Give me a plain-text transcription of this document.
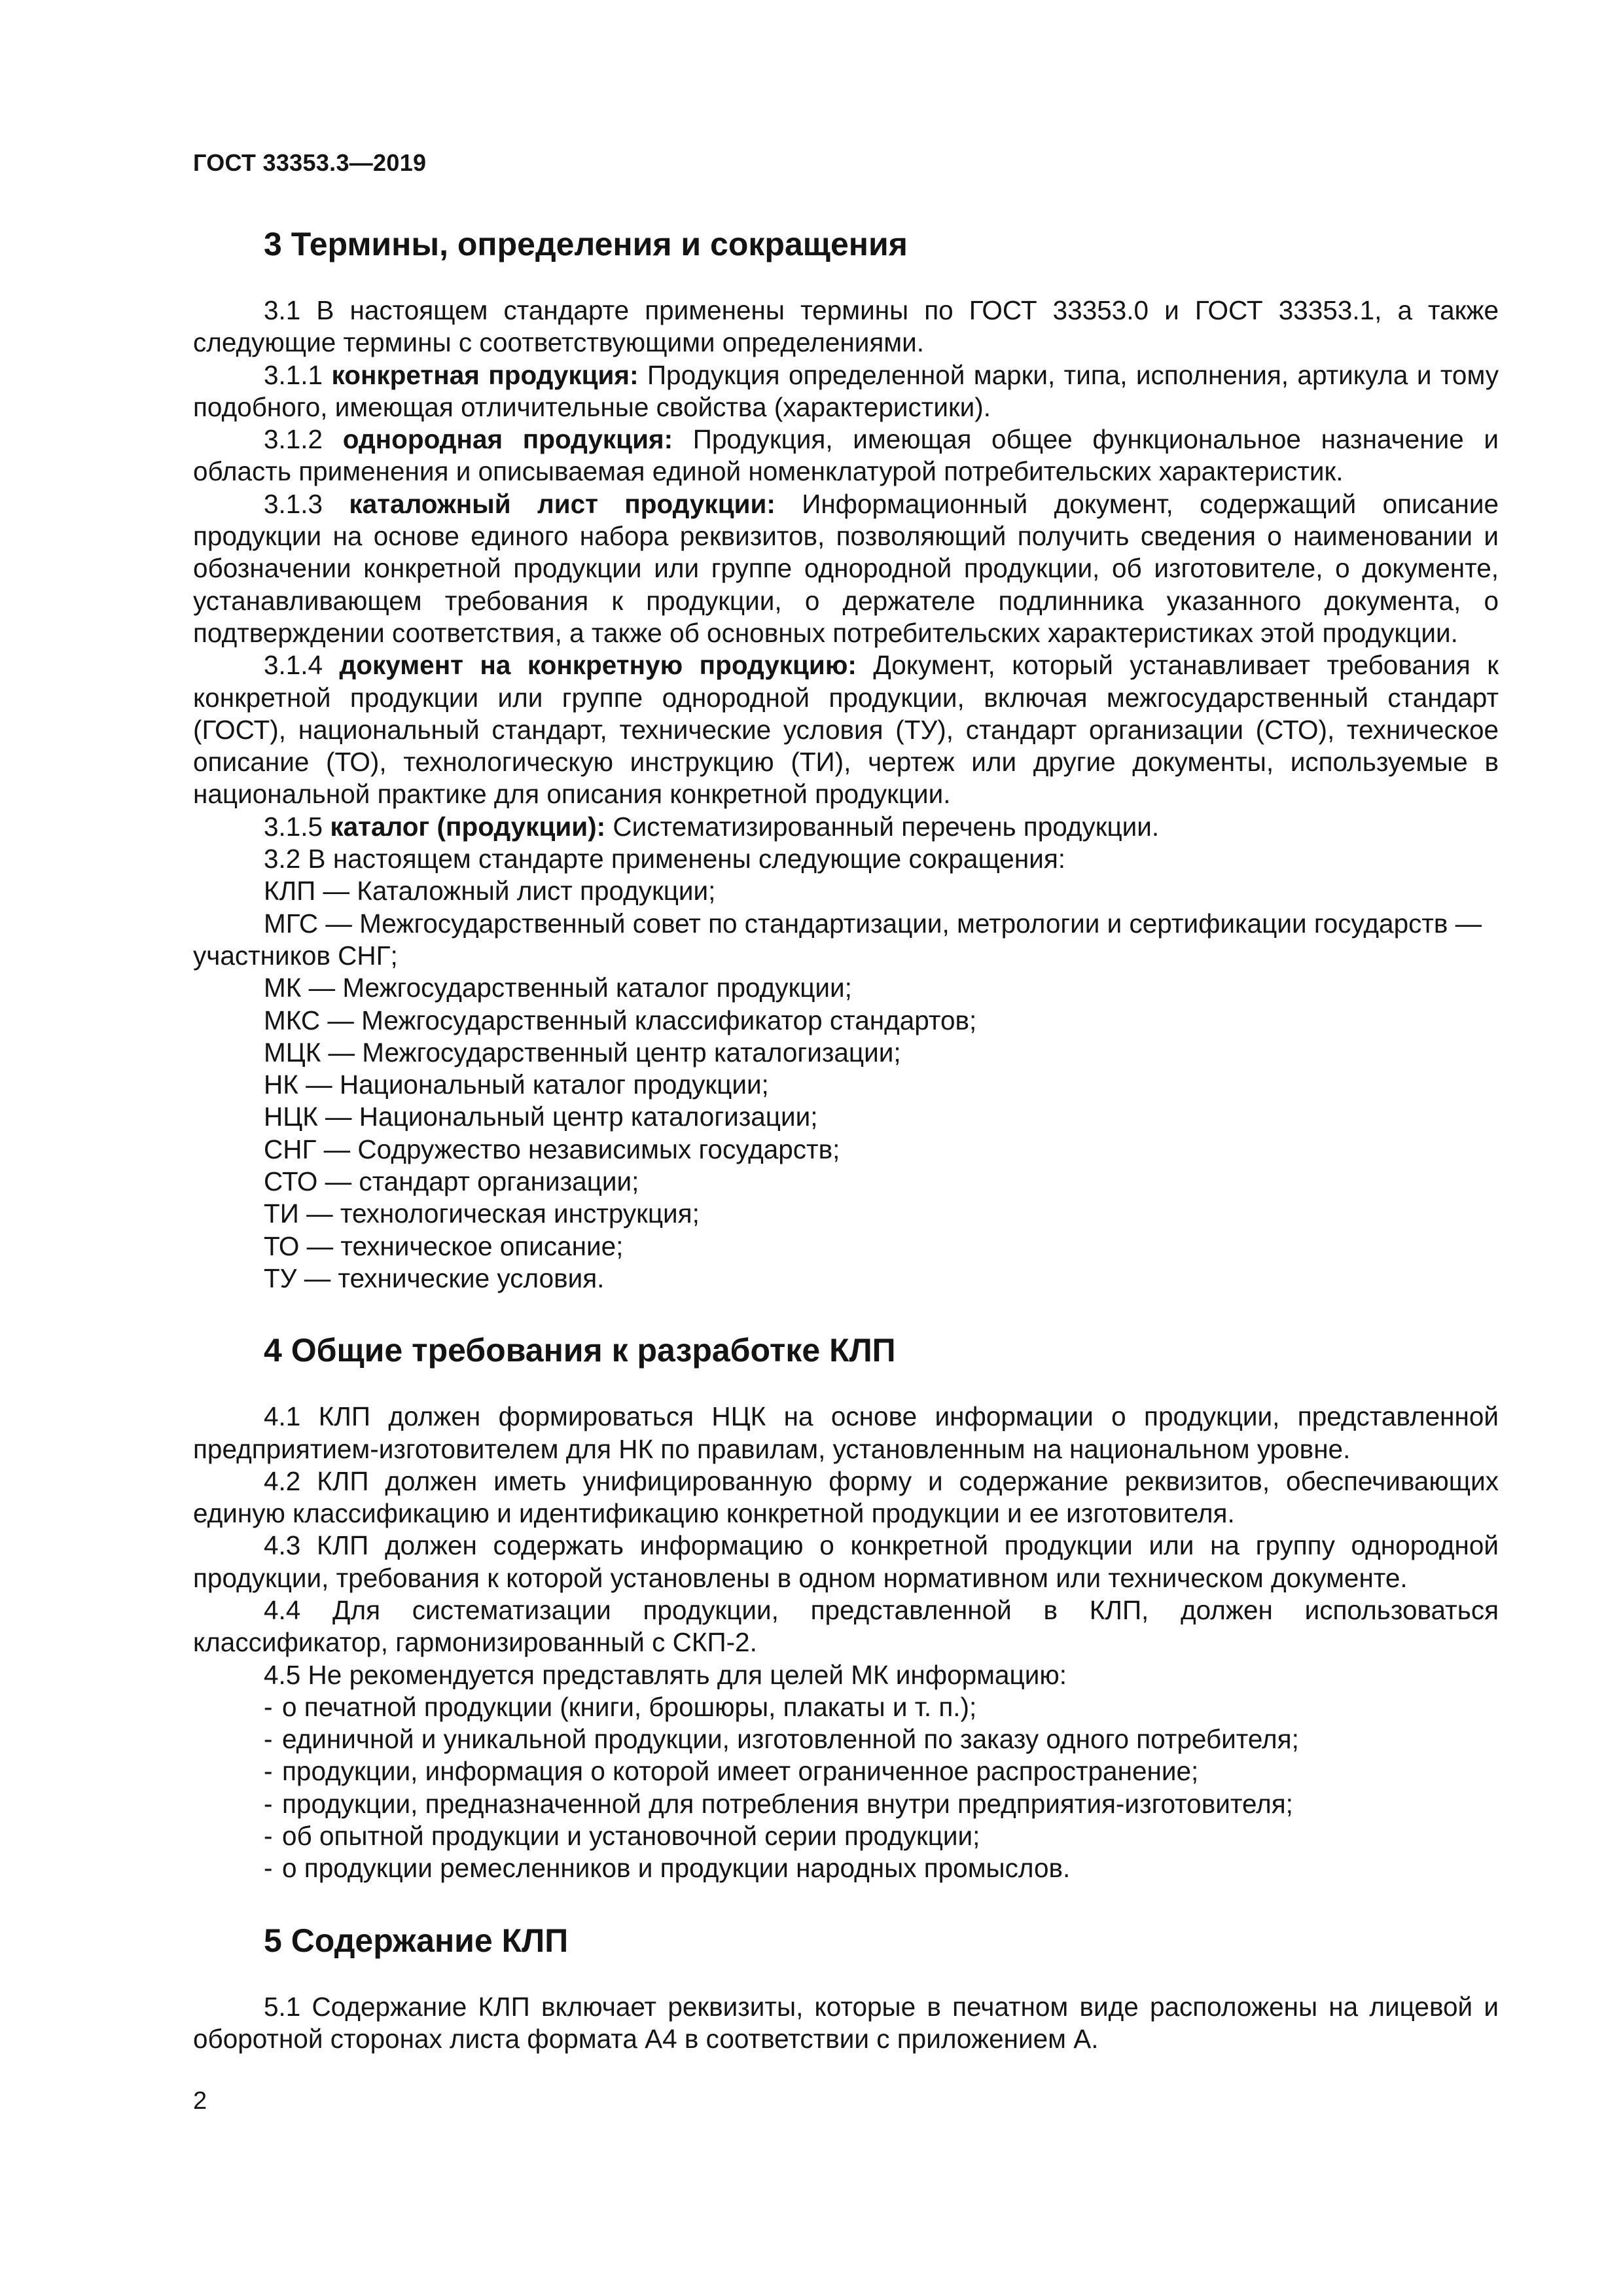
ГОСТ 33353.3—2019
3 Термины, определения и сокращения

3.1 В настоящем стандарте применены термины по ГОСТ 33353.0 и ГОСТ 33353.1, а также следующие термины с соответствующими определениями.

3.1.1 конкретная продукция: Продукция определенной марки, типа, исполнения, артикула и тому подобного, имеющая отличительные свойства (характеристики).

3.1.2 однородная продукция: Продукция, имеющая общее функциональное назначение и область применения и описываемая единой номенклатурой потребительских характеристик.

3.1.3 каталожный лист продукции: Информационный документ, содержащий описание продукции на основе единого набора реквизитов, позволяющий получить сведения о наименовании и обозначении конкретной продукции или группе однородной продукции, об изготовителе, о документе, устанавливающем требования к продукции, о держателе подлинника указанного документа, о подтверждении соответствия, а также об основных потребительских характеристиках этой продукции.

3.1.4 документ на конкретную продукцию: Документ, который устанавливает требования к конкретной продукции или группе однородной продукции, включая межгосударственный стандарт (ГОСТ), национальный стандарт, технические условия (ТУ), стандарт организации (СТО), техническое описание (ТО), технологическую инструкцию (ТИ), чертеж или другие документы, используемые в национальной практике для описания конкретной продукции.

3.1.5 каталог (продукции): Систематизированный перечень продукции.

3.2 В настоящем стандарте применены следующие сокращения:

КЛП — Каталожный лист продукции;

МГС — Межгосударственный совет по стандартизации, метрологии и сертификации государств — участников СНГ;

МК — Межгосударственный каталог продукции;

МКС — Межгосударственный классификатор стандартов;

МЦК — Межгосударственный центр каталогизации;

НК — Национальный каталог продукции;

НЦК — Национальный центр каталогизации;

СНГ — Содружество независимых государств;

СТО — стандарт организации;

ТИ — технологическая инструкция;

ТО — техническое описание;

ТУ — технические условия.

4 Общие требования к разработке КЛП

4.1 КЛП должен формироваться НЦК на основе информации о продукции, представленной предприятием-изготовителем для НК по правилам, установленным на национальном уровне.

4.2 КЛП должен иметь унифицированную форму и содержание реквизитов, обеспечивающих единую классификацию и идентификацию конкретной продукции и ее изготовителя.

4.3 КЛП должен содержать информацию о конкретной продукции или на группу однородной продукции, требования к которой установлены в одном нормативном или техническом документе.

4.4 Для систематизации продукции, представленной в КЛП, должен использоваться классификатор, гармонизированный с СКП-2.

4.5 Не рекомендуется представлять для целей МК информацию:

- о печатной продукции (книги, брошюры, плакаты и т. п.);

- единичной и уникальной продукции, изготовленной по заказу одного потребителя;

- продукции, информация о которой имеет ограниченное распространение;

- продукции, предназначенной для потребления внутри предприятия-изготовителя;

- об опытной продукции и установочной серии продукции;

- о продукции ремесленников и продукции народных промыслов.

5 Содержание КЛП

5.1 Содержание КЛП включает реквизиты, которые в печатном виде расположены на лицевой и оборотной сторонах листа формата А4 в соответствии с приложением А.

2
